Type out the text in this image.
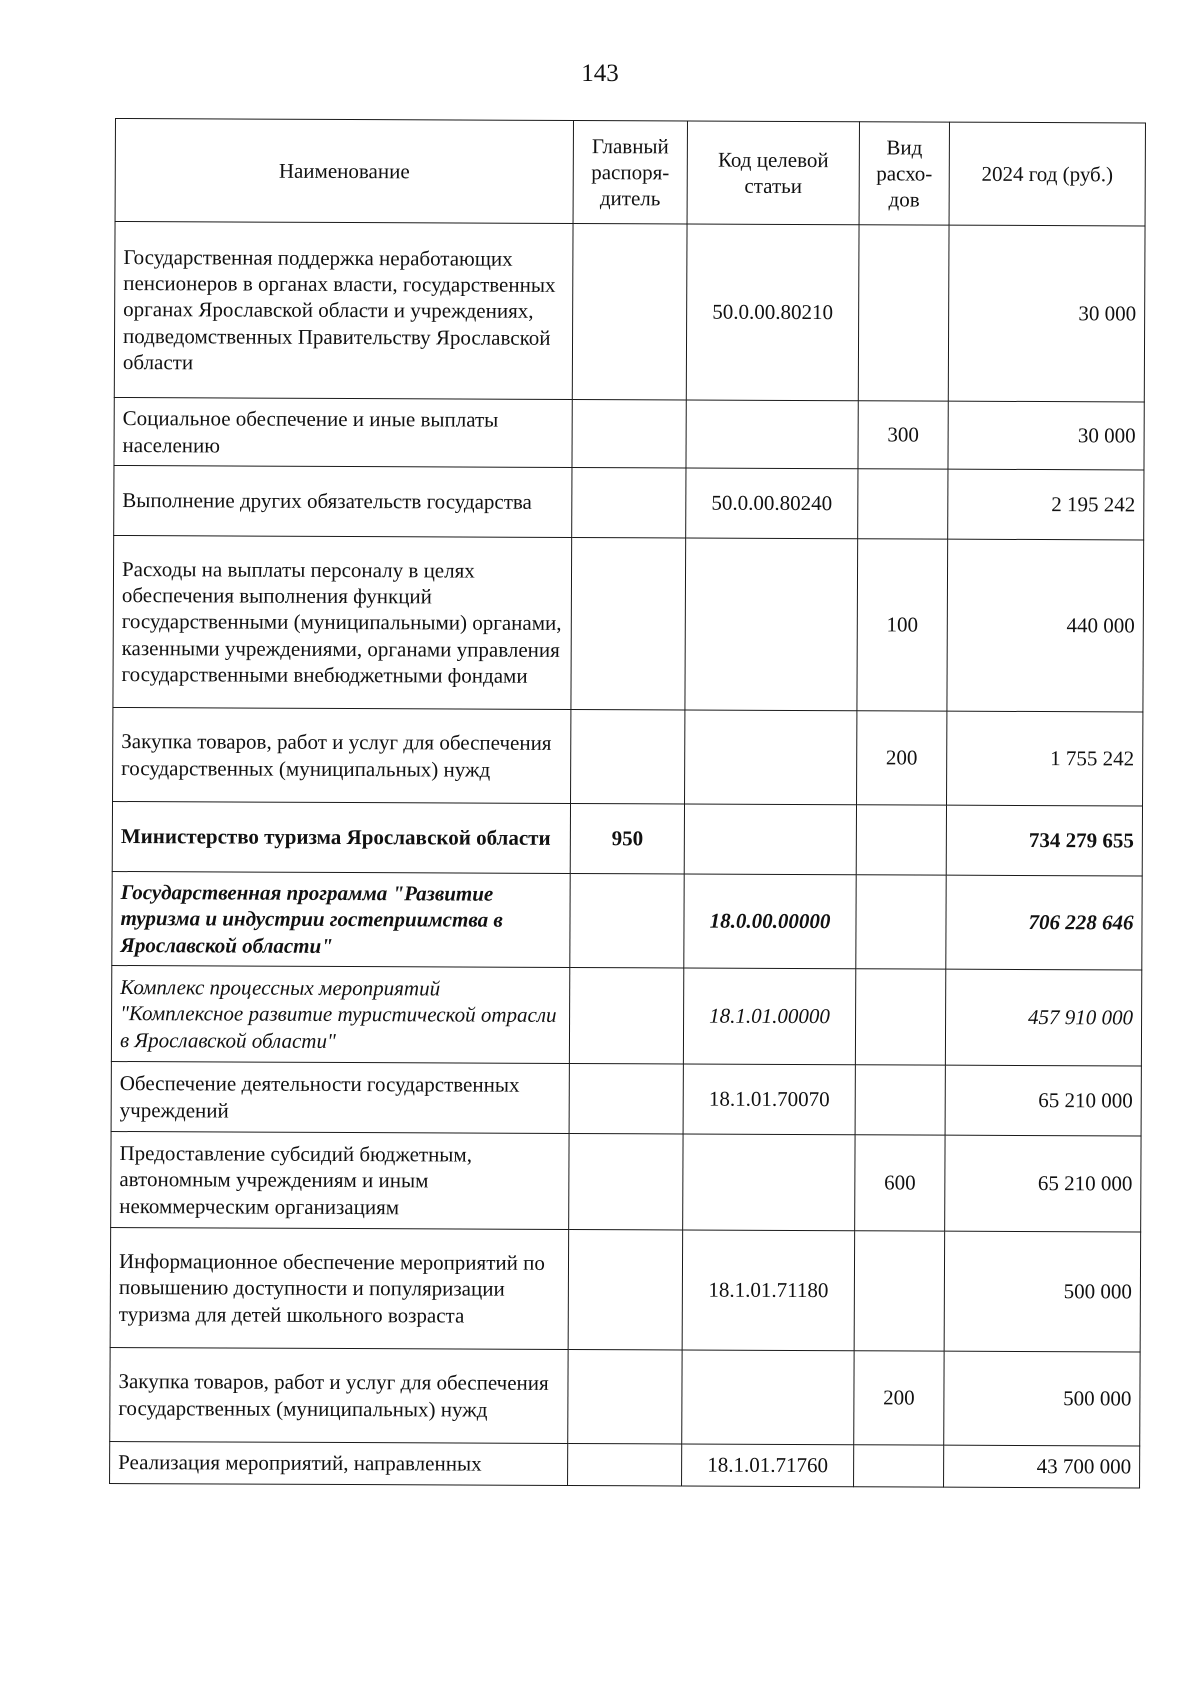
143
Наименование	Главный распоря-дитель	Код целевой статьи	Вид расхо-дов	2024 год (руб.)
Государственная поддержка неработающих пенсионеров в органах власти, государственных органах Ярославской области и учреждениях, подведомственных Правительству Ярославской области		50.0.00.80210		30 000
Социальное обеспечение и иные выплаты населению			300	30 000
Выполнение других обязательств государства		50.0.00.80240		2 195 242
Расходы на выплаты персоналу в целях обеспечения выполнения функций государственными (муниципальными) органами, казенными учреждениями, органами управления государственными внебюджетными фондами			100	440 000
Закупка товаров, работ и услуг для обеспечения государственных (муниципальных) нужд			200	1 755 242
Министерство туризма Ярославской области	950			734 279 655
Государственная программа "Развитие туризма и индустрии гостеприимства в Ярославской области"		18.0.00.00000		706 228 646
Комплекс процессных мероприятий "Комплексное развитие туристической отрасли в Ярославской области"		18.1.01.00000		457 910 000
Обеспечение деятельности государственных учреждений		18.1.01.70070		65 210 000
Предоставление субсидий бюджетным, автономным учреждениям и иным некоммерческим организациям			600	65 210 000
Информационное обеспечение мероприятий по повышению доступности и популяризации туризма для детей школьного возраста		18.1.01.71180		500 000
Закупка товаров, работ и услуг для обеспечения государственных (муниципальных) нужд			200	500 000
Реализация мероприятий, направленных		18.1.01.71760		43 700 000
